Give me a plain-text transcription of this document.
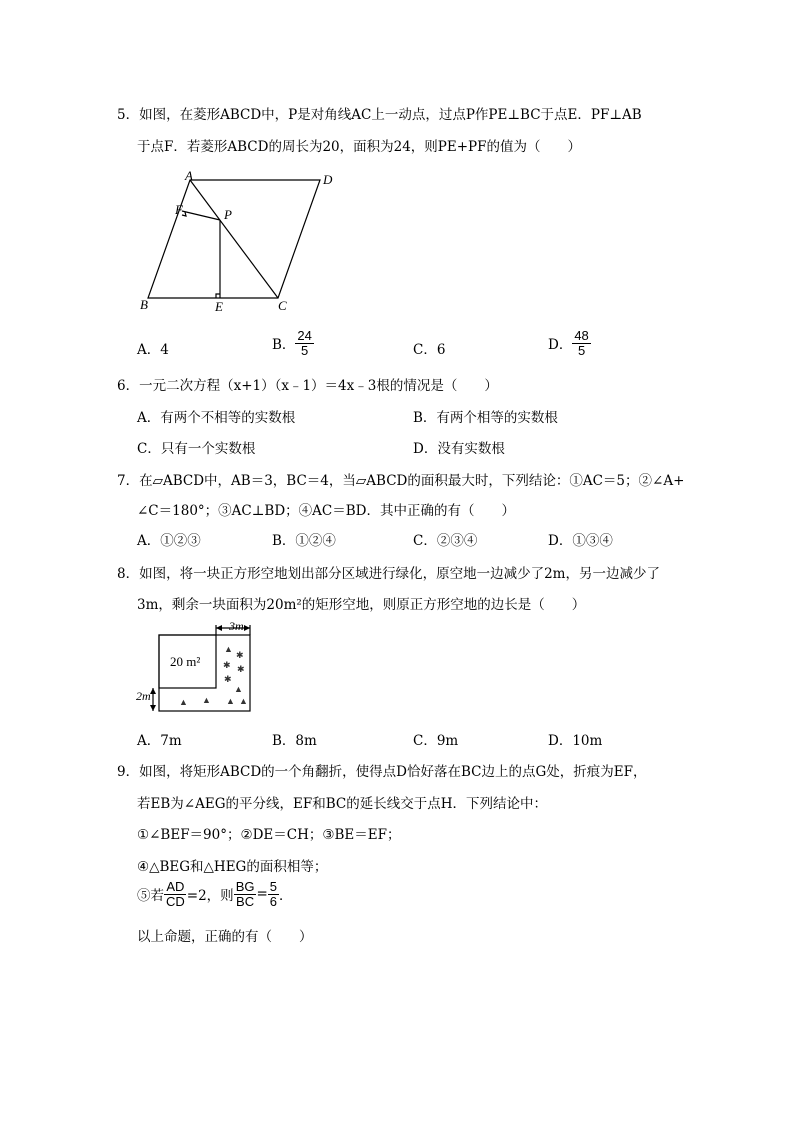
5．如图，在菱形ABCD中，P是对角线AC上一动点，过点P作PE⊥BC于点E．PF⊥AB
于点F．若菱形ABCD的周长为20，面积为24，则PE+PF的值为（　　）
A	D
B	C
E
F	P
A．4	B． $\frac{24}{5}$	C．6	D． $\frac{48}{5}$
6．一元二次方程（x+1）（x﹣1）＝4x﹣3根的情况是（　　）
A．有两个不相等的实数根	B．有两个相等的实数根
C．只有一个实数根	D．没有实数根
7．在▱ABCD中，AB＝3，BC＝4，当▱ABCD的面积最大时，下列结论：①AC＝5；②∠A+
∠C＝180°；③AC⊥BD；④AC＝BD．其中正确的有（　　）
A．①②③	B．①②④	C．②③④	D．①③④
8．如图，将一块正方形空地划出部分区域进行绿化，原空地一边减少了2m，另一边减少了
3m，剩余一块面积为20m²的矩形空地，则原正方形空地的边长是（　　）
▲
✱
✱ ✱
✱
▲
▲ ▲
▲ ▲
3m
20 m²
2m
A．7m	B．8m	C．9m	D．10m
9．如图，将矩形ABCD的一个角翻折，使得点D恰好落在BC边上的点G处，折痕为EF，
若EB为∠AEG的平分线，EF和BC的延长线交于点H．下列结论中：
①∠BEF＝90°；②DE＝CH；③BE＝EF；
④△BEG和△HEG的面积相等；
⑤若 $\frac{AD}{CD} =2$，则 $\frac{BG}{BC} = \frac{5}{6}$ ．
以上命题，正确的有（　　）
